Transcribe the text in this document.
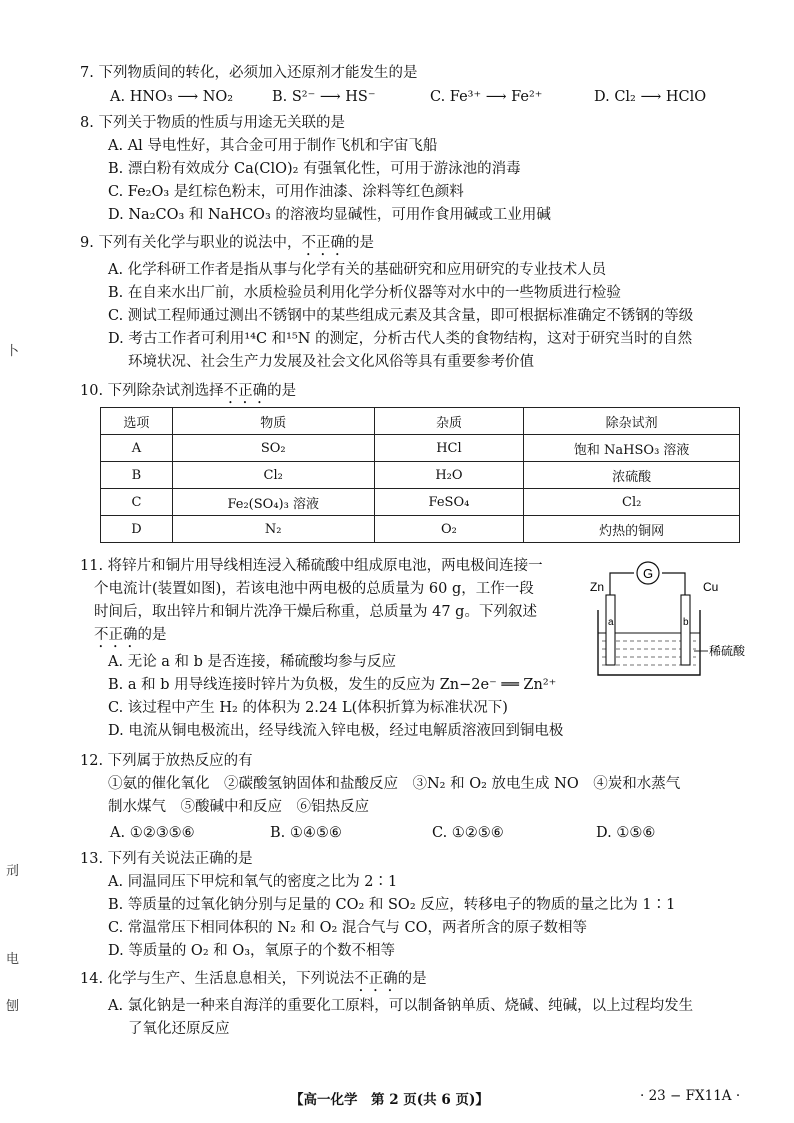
卜
刓
电
刨
7. 下列物质间的转化，必须加入还原剂才能发生的是
A. HNO₃ ⟶ NO₂	B. S²⁻ ⟶ HS⁻	C. Fe³⁺ ⟶ Fe²⁺	D. Cl₂ ⟶ HClO
8. 下列关于物质的性质与用途无关联的是
A. Al 导电性好，其合金可用于制作飞机和宇宙飞船
B. 漂白粉有效成分 Ca(ClO)₂ 有强氧化性，可用于游泳池的消毒
C. Fe₂O₃ 是红棕色粉末，可用作油漆、涂料等红色颜料
D. Na₂CO₃ 和 NaHCO₃ 的溶液均显碱性，可用作食用碱或工业用碱
9. 下列有关化学与职业的说法中，不正确的是
A. 化学科研工作者是指从事与化学有关的基础研究和应用研究的专业技术人员
B. 在自来水出厂前，水质检验员利用化学分析仪器等对水中的一些物质进行检验
C. 测试工程师通过测出不锈钢中的某些组成元素及其含量，即可根据标准确定不锈钢的等级
D. 考古工作者可利用¹⁴C 和¹⁵N 的测定，分析古代人类的食物结构，这对于研究当时的自然
环境状况、社会生产力发展及社会文化风俗等具有重要参考价值
10. 下列除杂试剂选择不正确的是
选项	物质	杂质	除杂试剂
A	SO₂	HCl	饱和 NaHSO₃ 溶液
B	Cl₂	H₂O	浓硫酸
C	Fe₂(SO₄)₃ 溶液	FeSO₄	Cl₂
D	N₂	O₂	灼热的铜网
11. 将锌片和铜片用导线相连浸入稀硫酸中组成原电池，两电极间连接一
个电流计(装置如图)，若该电池中两电极的总质量为 60 g，工作一段
时间后，取出锌片和铜片洗净干燥后称重，总质量为 47 g。下列叙述
不正确的是
A. 无论 a 和 b 是否连接，稀硫酸均参与反应
B. a 和 b 用导线连接时锌片为负极，发生的反应为 Zn−2e⁻ ══ Zn²⁺
C. 该过程中产生 H₂ 的体积为 2.24 L(体积折算为标准状况下)
D. 电流从铜电极流出，经导线流入锌电极，经过电解质溶液回到铜电极
G
Zn	Cu
a	b
稀硫酸
12. 下列属于放热反应的有
①氨的催化氧化　②碳酸氢钠固体和盐酸反应　③N₂ 和 O₂ 放电生成 NO　④炭和水蒸气
制水煤气　⑤酸碱中和反应　⑥铝热反应
A. ①②③⑤⑥	B. ①④⑤⑥	C. ①②⑤⑥	D. ①⑤⑥
13. 下列有关说法正确的是
A. 同温同压下甲烷和氧气的密度之比为 2∶1
B. 等质量的过氧化钠分别与足量的 CO₂ 和 SO₂ 反应，转移电子的物质的量之比为 1∶1
C. 常温常压下相同体积的 N₂ 和 O₂ 混合气与 CO，两者所含的原子数相等
D. 等质量的 O₂ 和 O₃，氧原子的个数不相等
14. 化学与生产、生活息息相关，下列说法不正确的是
A. 氯化钠是一种来自海洋的重要化工原料，可以制备钠单质、烧碱、纯碱，以上过程均发生
了氧化还原反应
【高一化学　第 2 页(共 6 页)】	· 23 − FX11A ·
